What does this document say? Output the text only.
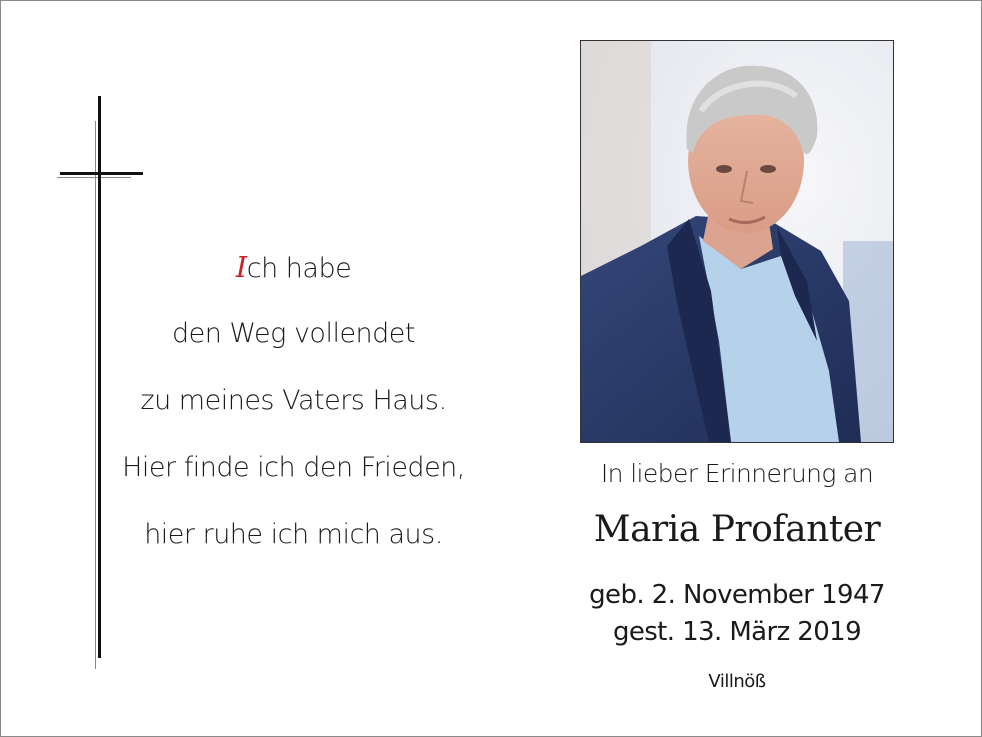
Ich habe
den Weg vollendet
zu meines Vaters Haus.
Hier finde ich den Frieden,
hier ruhe ich mich aus.
In lieber Erinnerung an
Maria Profanter
geb. 2. November 1947
gest. 13. März 2019
Villnöß
